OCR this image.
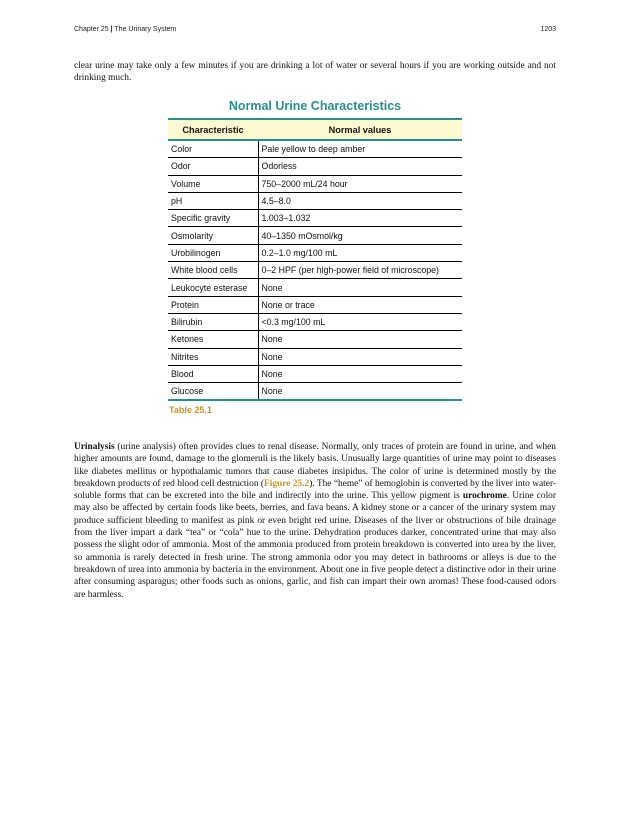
Chapter 25 | The Urinary System	1203

clear urine may take only a few minutes if you are drinking a lot of water or several hours if you are working outside and not drinking much.

Normal Urine Characteristics
Characteristic	Normal values
Color	Pale yellow to deep amber
Odor	Odorless
Volume	750–2000 mL/24 hour
pH	4.5–8.0
Specific gravity	1.003–1.032
Osmolarity	40–1350 mOsmol/kg
Urobilinogen	0.2–1.0 mg/100 mL
White blood cells	0–2 HPF (per high-power field of microscope)
Leukocyte esterase	None
Protein	None or trace
Bilirubin	<0.3 mg/100 mL
Ketones	None
Nitrites	None
Blood	None
Glucose	None

Table 25.1

Urinalysis (urine analysis) often provides clues to renal disease. Normally, only traces of protein are found in urine, and when higher amounts are found, damage to the glomeruli is the likely basis. Unusually large quantities of urine may point to diseases like diabetes mellitus or hypothalamic tumors that cause diabetes insipidus. The color of urine is determined mostly by the breakdown products of red blood cell destruction (Figure 25.2). The “heme” of hemoglobin is converted by the liver into water-soluble forms that can be excreted into the bile and indirectly into the urine. This yellow pigment is urochrome. Urine color may also be affected by certain foods like beets, berries, and fava beans. A kidney stone or a cancer of the urinary system may produce sufficient bleeding to manifest as pink or even bright red urine. Diseases of the liver or obstructions of bile drainage from the liver impart a dark “tea” or “cola” hue to the urine. Dehydration produces darker, concentrated urine that may also possess the slight odor of ammonia. Most of the ammonia produced from protein breakdown is converted into urea by the liver, so ammonia is rarely detected in fresh urine. The strong ammonia odor you may detect in bathrooms or alleys is due to the breakdown of urea into ammonia by bacteria in the environment. About one in five people detect a distinctive odor in their urine after consuming asparagus; other foods such as onions, garlic, and fish can impart their own aromas! These food-caused odors are harmless.
